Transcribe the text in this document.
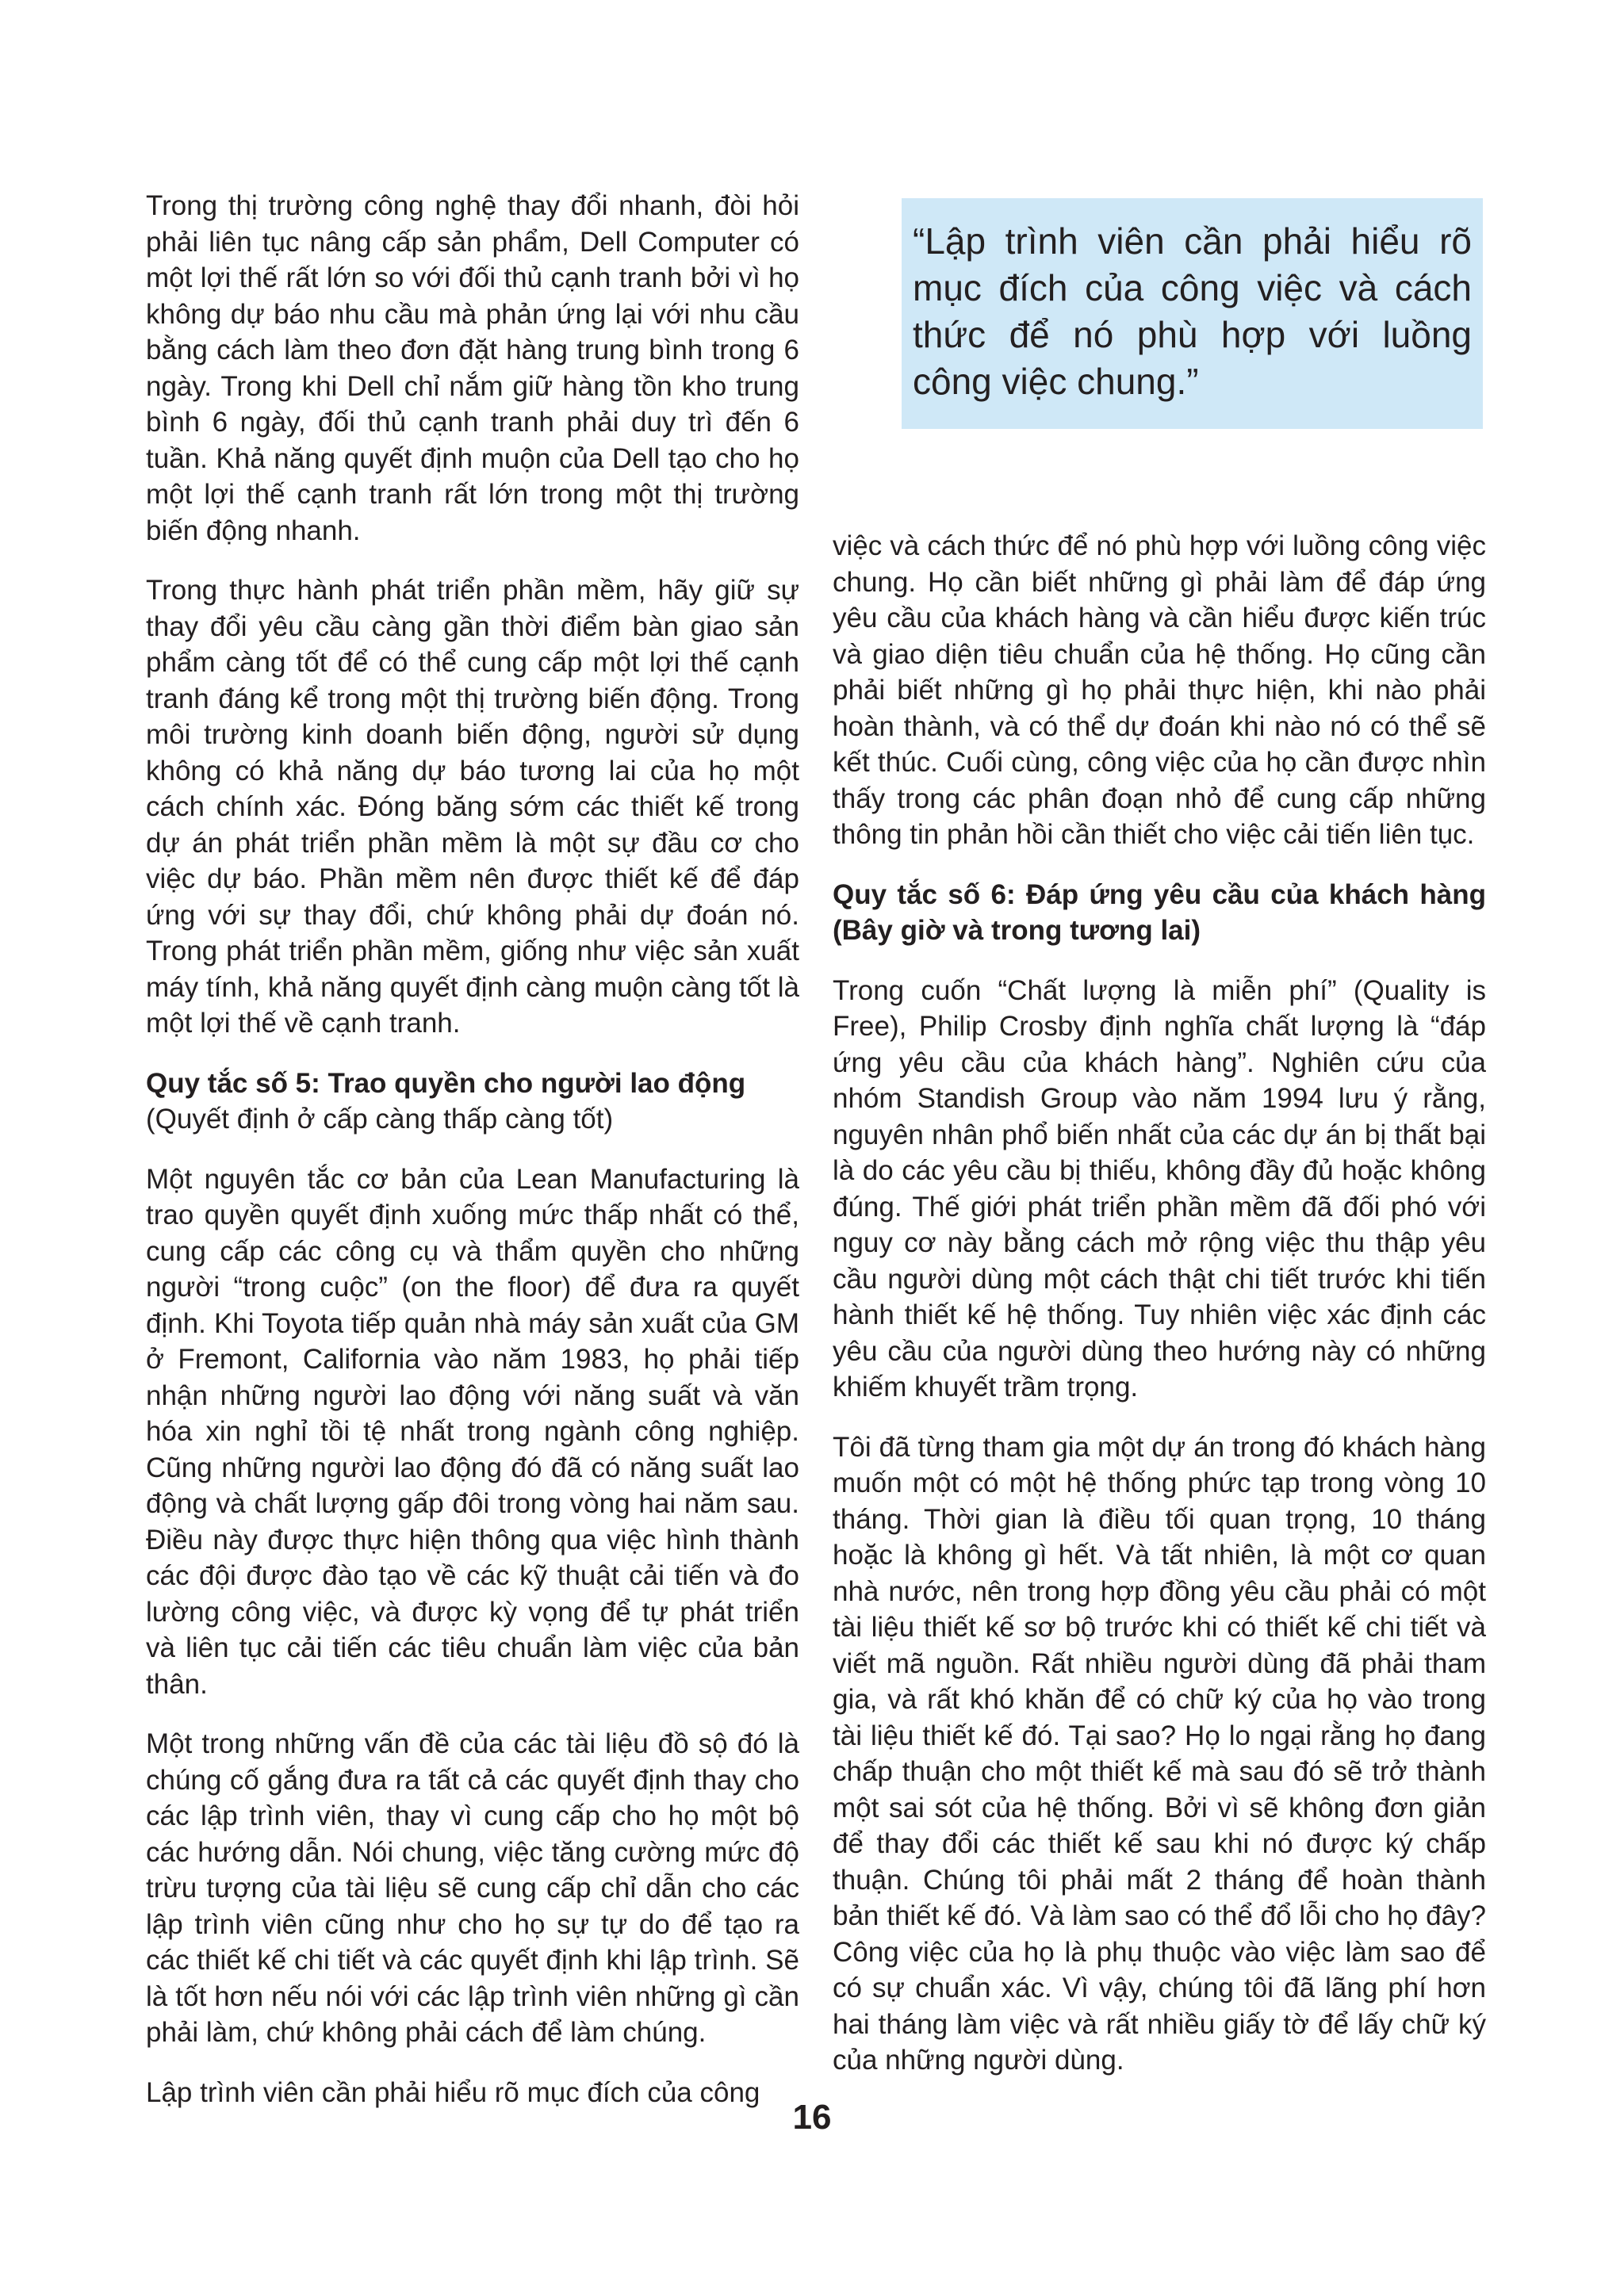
Trong thị trường công nghệ thay đổi nhanh, đòi hỏi phải liên tục nâng cấp sản phẩm, Dell Computer có một lợi thế rất lớn so với đối thủ cạnh tranh bởi vì họ không dự báo nhu cầu mà phản ứng lại với nhu cầu bằng cách làm theo đơn đặt hàng trung bình trong 6 ngày. Trong khi Dell chỉ nắm giữ hàng tồn kho trung bình 6 ngày, đối thủ cạnh tranh phải duy trì đến 6 tuần. Khả năng quyết định muộn của Dell tạo cho họ một lợi thế cạnh tranh rất lớn trong một thị trường biến động nhanh.

Trong thực hành phát triển phần mềm, hãy giữ sự thay đổi yêu cầu càng gần thời điểm bàn giao sản phẩm càng tốt để có thể cung cấp một lợi thế cạnh tranh đáng kể trong một thị trường biến động. Trong môi trường kinh doanh biến động, người sử dụng không có khả năng dự báo tương lai của họ một cách chính xác. Đóng băng sớm các thiết kế trong dự án phát triển phần mềm là một sự đầu cơ cho việc dự báo. Phần mềm nên được thiết kế để đáp ứng với sự thay đổi, chứ không phải dự đoán nó. Trong phát triển phần mềm, giống như việc sản xuất máy tính, khả năng quyết định càng muộn càng tốt là một lợi thế về cạnh tranh.

Quy tắc số 5: Trao quyền cho người lao động
(Quyết định ở cấp càng thấp càng tốt)

Một nguyên tắc cơ bản của Lean Manufacturing là trao quyền quyết định xuống mức thấp nhất có thể, cung cấp các công cụ và thẩm quyền cho những người “trong cuộc” (on the floor) để đưa ra quyết định. Khi Toyota tiếp quản nhà máy sản xuất của GM ở Fremont, California vào năm 1983, họ phải tiếp nhận những người lao động với năng suất và văn hóa xin nghỉ tồi tệ nhất trong ngành công nghiệp. Cũng những người lao động đó đã có năng suất lao động và chất lượng gấp đôi trong vòng hai năm sau. Điều này được thực hiện thông qua việc hình thành các đội được đào tạo về các kỹ thuật cải tiến và đo lường công việc, và được kỳ vọng để tự phát triển và liên tục cải tiến các tiêu chuẩn làm việc của bản thân.

Một trong những vấn đề của các tài liệu đồ sộ đó là chúng cố gắng đưa ra tất cả các quyết định thay cho các lập trình viên, thay vì cung cấp cho họ một bộ các hướng dẫn. Nói chung, việc tăng cường mức độ trừu tượng của tài liệu sẽ cung cấp chỉ dẫn cho các lập trình viên cũng như cho họ sự tự do để tạo ra các thiết kế chi tiết và các quyết định khi lập trình. Sẽ là tốt hơn nếu nói với các lập trình viên những gì cần phải làm, chứ không phải cách để làm chúng.

Lập trình viên cần phải hiểu rõ mục đích của công

“Lập trình viên cần phải hiểu rõ mục đích của công việc và cách thức để nó phù hợp với luồng công việc chung.”

việc và cách thức để nó phù hợp với luồng công việc chung. Họ cần biết những gì phải làm để đáp ứng yêu cầu của khách hàng và cần hiểu được kiến trúc và giao diện tiêu chuẩn của hệ thống. Họ cũng cần phải biết những gì họ phải thực hiện, khi nào phải hoàn thành, và có thể dự đoán khi nào nó có thể sẽ kết thúc. Cuối cùng, công việc của họ cần được nhìn thấy trong các phân đoạn nhỏ để cung cấp những thông tin phản hồi cần thiết cho việc cải tiến liên tục.

Quy tắc số 6: Đáp ứng yêu cầu của khách hàng (Bây giờ và trong tương lai)

Trong cuốn “Chất lượng là miễn phí” (Quality is Free), Philip Crosby định nghĩa chất lượng là “đáp ứng yêu cầu của khách hàng”. Nghiên cứu của nhóm Standish Group vào năm 1994 lưu ý rằng, nguyên nhân phổ biến nhất của các dự án bị thất bại là do các yêu cầu bị thiếu, không đầy đủ hoặc không đúng. Thế giới phát triển phần mềm đã đối phó với nguy cơ này bằng cách mở rộng việc thu thập yêu cầu người dùng một cách thật chi tiết trước khi tiến hành thiết kế hệ thống. Tuy nhiên việc xác định các yêu cầu của người dùng theo hướng này có những khiếm khuyết trầm trọng.

Tôi đã từng tham gia một dự án trong đó khách hàng muốn một có một hệ thống phức tạp trong vòng 10 tháng. Thời gian là điều tối quan trọng, 10 tháng hoặc là không gì hết. Và tất nhiên, là một cơ quan nhà nước, nên trong hợp đồng yêu cầu phải có một tài liệu thiết kế sơ bộ trước khi có thiết kế chi tiết và viết mã nguồn. Rất nhiều người dùng đã phải tham gia, và rất khó khăn để có chữ ký của họ vào trong tài liệu thiết kế đó. Tại sao? Họ lo ngại rằng họ đang chấp thuận cho một thiết kế mà sau đó sẽ trở thành một sai sót của hệ thống. Bởi vì sẽ không đơn giản để thay đổi các thiết kế sau khi nó được ký chấp thuận. Chúng tôi phải mất 2 tháng để hoàn thành bản thiết kế đó. Và làm sao có thể đổ lỗi cho họ đây? Công việc của họ là phụ thuộc vào việc làm sao để có sự chuẩn xác. Vì vậy, chúng tôi đã lãng phí hơn hai tháng làm việc và rất nhiều giấy tờ để lấy chữ ký của những người dùng.

16
